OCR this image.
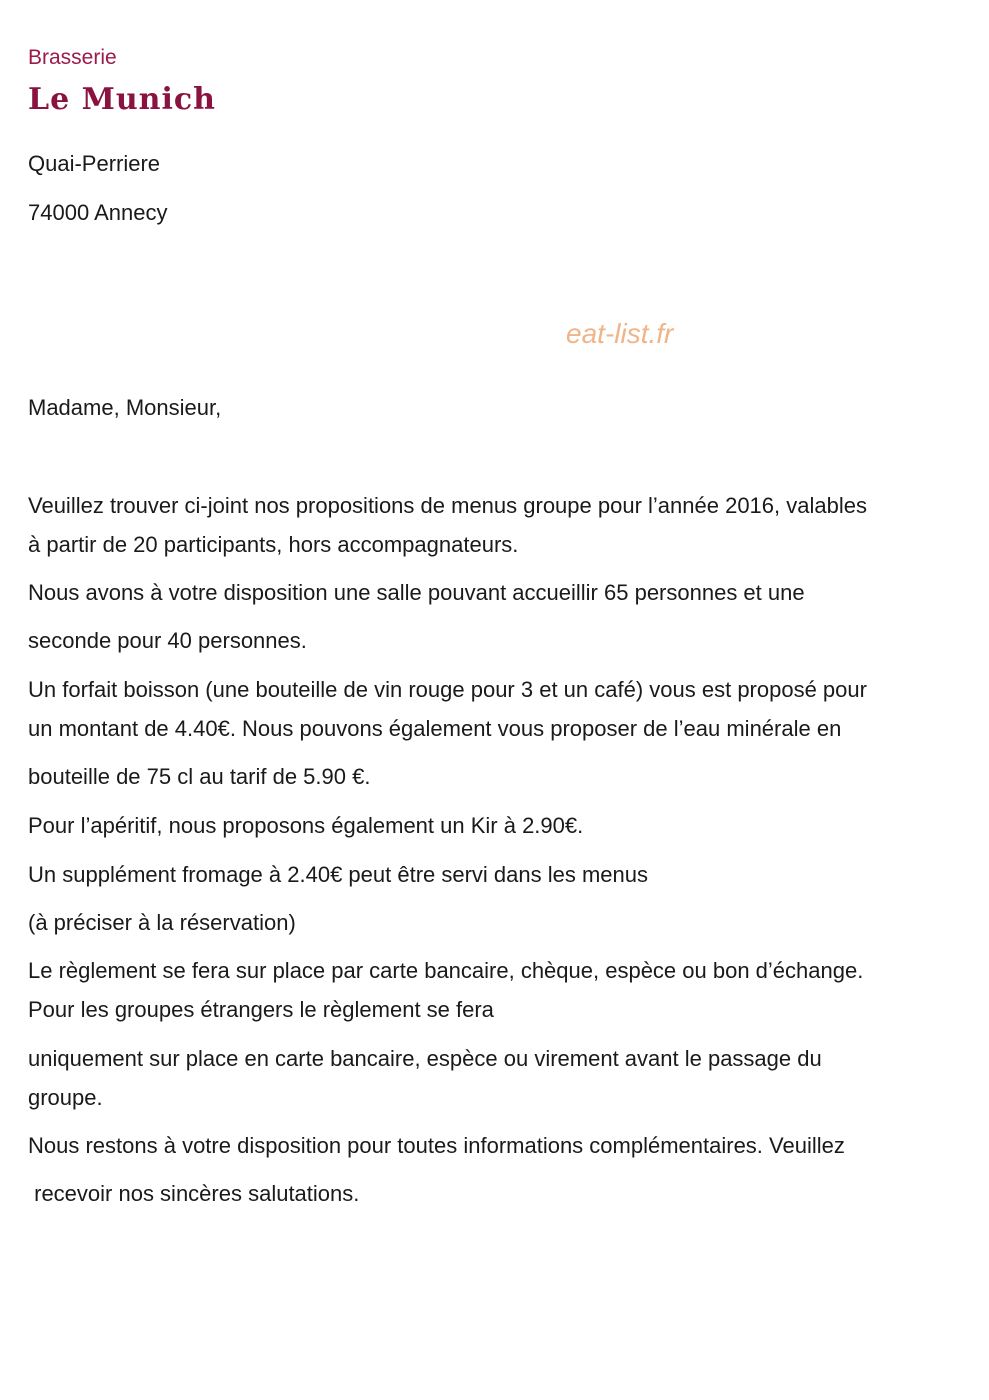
Brasserie
Le Munich
Quai-Perriere
74000 Annecy
eat-list.fr
Madame, Monsieur,
Veuillez trouver ci-joint nos propositions de menus groupe pour l’année 2016, valables
à partir de 20 participants, hors accompagnateurs.
Nous avons à votre disposition une salle pouvant accueillir 65 personnes et une
seconde pour 40 personnes.
Un forfait boisson (une bouteille de vin rouge pour 3 et un café) vous est proposé pour
un montant de 4.40€. Nous pouvons également vous proposer de l’eau minérale en
bouteille de 75 cl au tarif de 5.90 €.
Pour l’apéritif, nous proposons également un Kir à 2.90€.
Un supplément fromage à 2.40€ peut être servi dans les menus
(à préciser à la réservation)
Le règlement se fera sur place par carte bancaire, chèque, espèce ou bon d’échange.
Pour les groupes étrangers le règlement se fera
uniquement sur place en carte bancaire, espèce ou virement avant le passage du
groupe.
Nous restons à votre disposition pour toutes informations complémentaires. Veuillez
recevoir nos sincères salutations.
